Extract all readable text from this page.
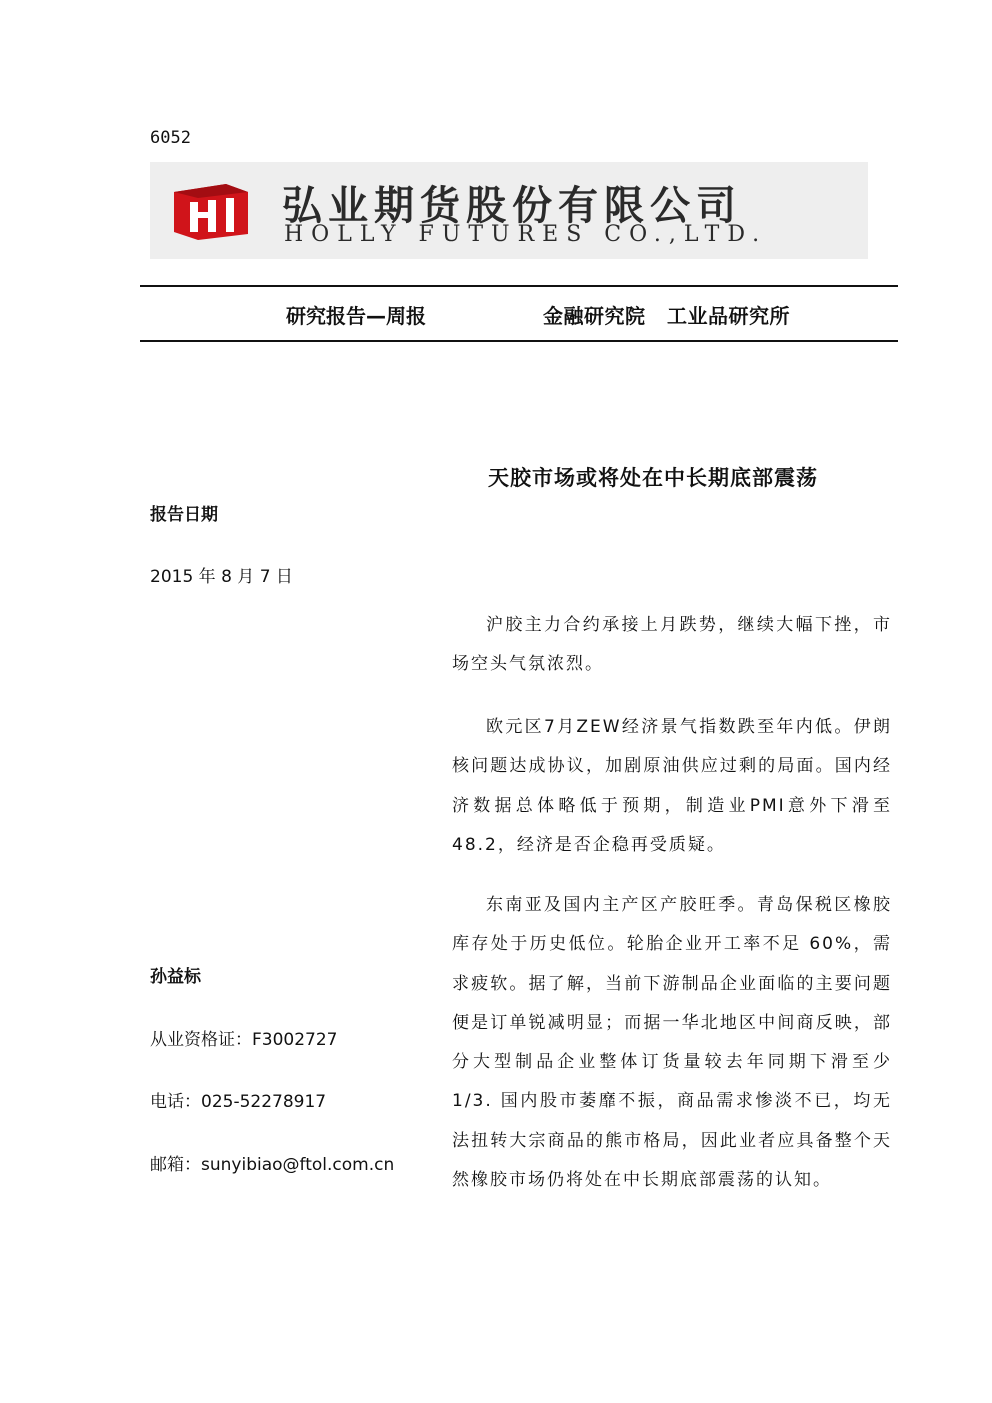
6052
弘业期货股份有限公司
HOLLY FUTURES CO.,LTD.
研究报告—周报	金融研究院 工业品研究所
天胶市场或将处在中长期底部震荡
报告日期
2015 年 8 月 7 日
孙益标
从业资格证：F3002727
电话：025-52278917
邮箱：sunyibiao@ftol.com.cn

沪胶主力合约承接上月跌势，继续大幅下挫，市场空头气氛浓烈。

欧元区7月ZEW经济景气指数跌至年内低。伊朗核问题达成协议，加剧原油供应过剩的局面。国内经济数据总体略低于预期，制造业PMI意外下滑至48.2，经济是否企稳再受质疑。

东南亚及国内主产区产胶旺季。青岛保税区橡胶库存处于历史低位。轮胎企业开工率不足 60%，需求疲软。据了解，当前下游制品企业面临的主要问题便是订单锐减明显；而据一华北地区中间商反映，部分大型制品企业整体订货量较去年同期下滑至少 1/3. 国内股市萎靡不振，商品需求惨淡不已，均无法扭转大宗商品的熊市格局，因此业者应具备整个天然橡胶市场仍将处在中长期底部震荡的认知。
